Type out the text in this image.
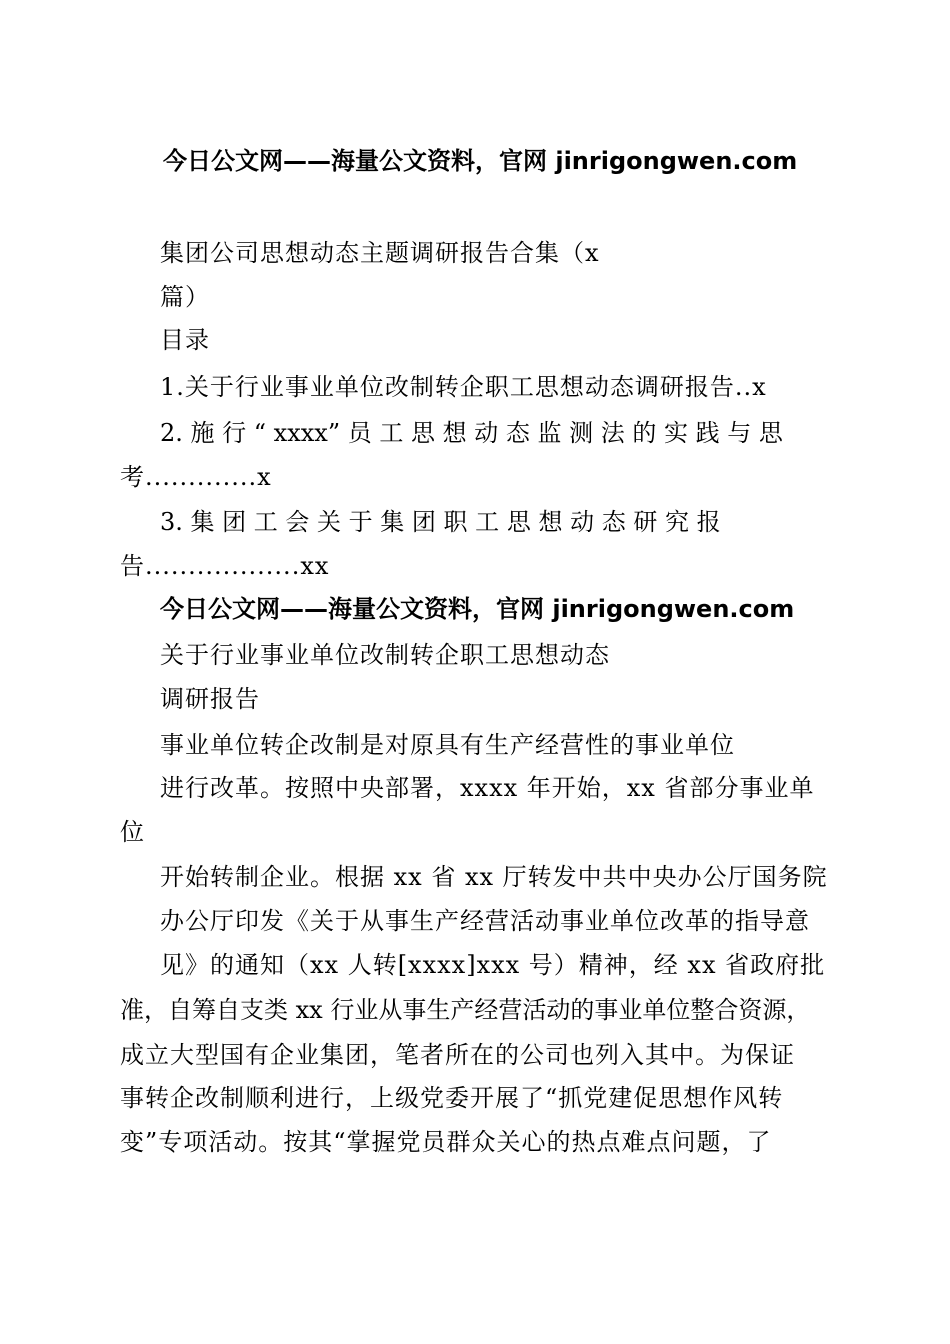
今日公文网——海量公文资料，官网 jinrigongwen.com
集团公司思想动态主题调研报告合集（x
篇）
目录
1.关于行业事业单位改制转企职工思想动态调研报告..x
2. 施 行 “ xxxx” 员 工 思 想 动 态 监 测 法 的 实 践 与 思
考.............x
3. 集 团 工 会 关 于 集 团 职 工 思 想 动 态 研 究 报
告..................xx
今日公文网——海量公文资料，官网 jinrigongwen.com
关于行业事业单位改制转企职工思想动态
调研报告
事业单位转企改制是对原具有生产经营性的事业单位
进行改革。按照中央部署，xxxx 年开始，xx 省部分事业单
位
开始转制企业。根据 xx 省 xx 厅转发中共中央办公厅国务院
办公厅印发《关于从事生产经营活动事业单位改革的指导意
见》的通知（xx 人转[xxxx]xxx 号）精神，经 xx 省政府批
准，自筹自支类 xx 行业从事生产经营活动的事业单位整合资源，
成立大型国有企业集团，笔者所在的公司也列入其中。为保证
事转企改制顺利进行，上级党委开展了“抓党建促思想作风转
变”专项活动。按其“掌握党员群众关心的热点难点问题，了
